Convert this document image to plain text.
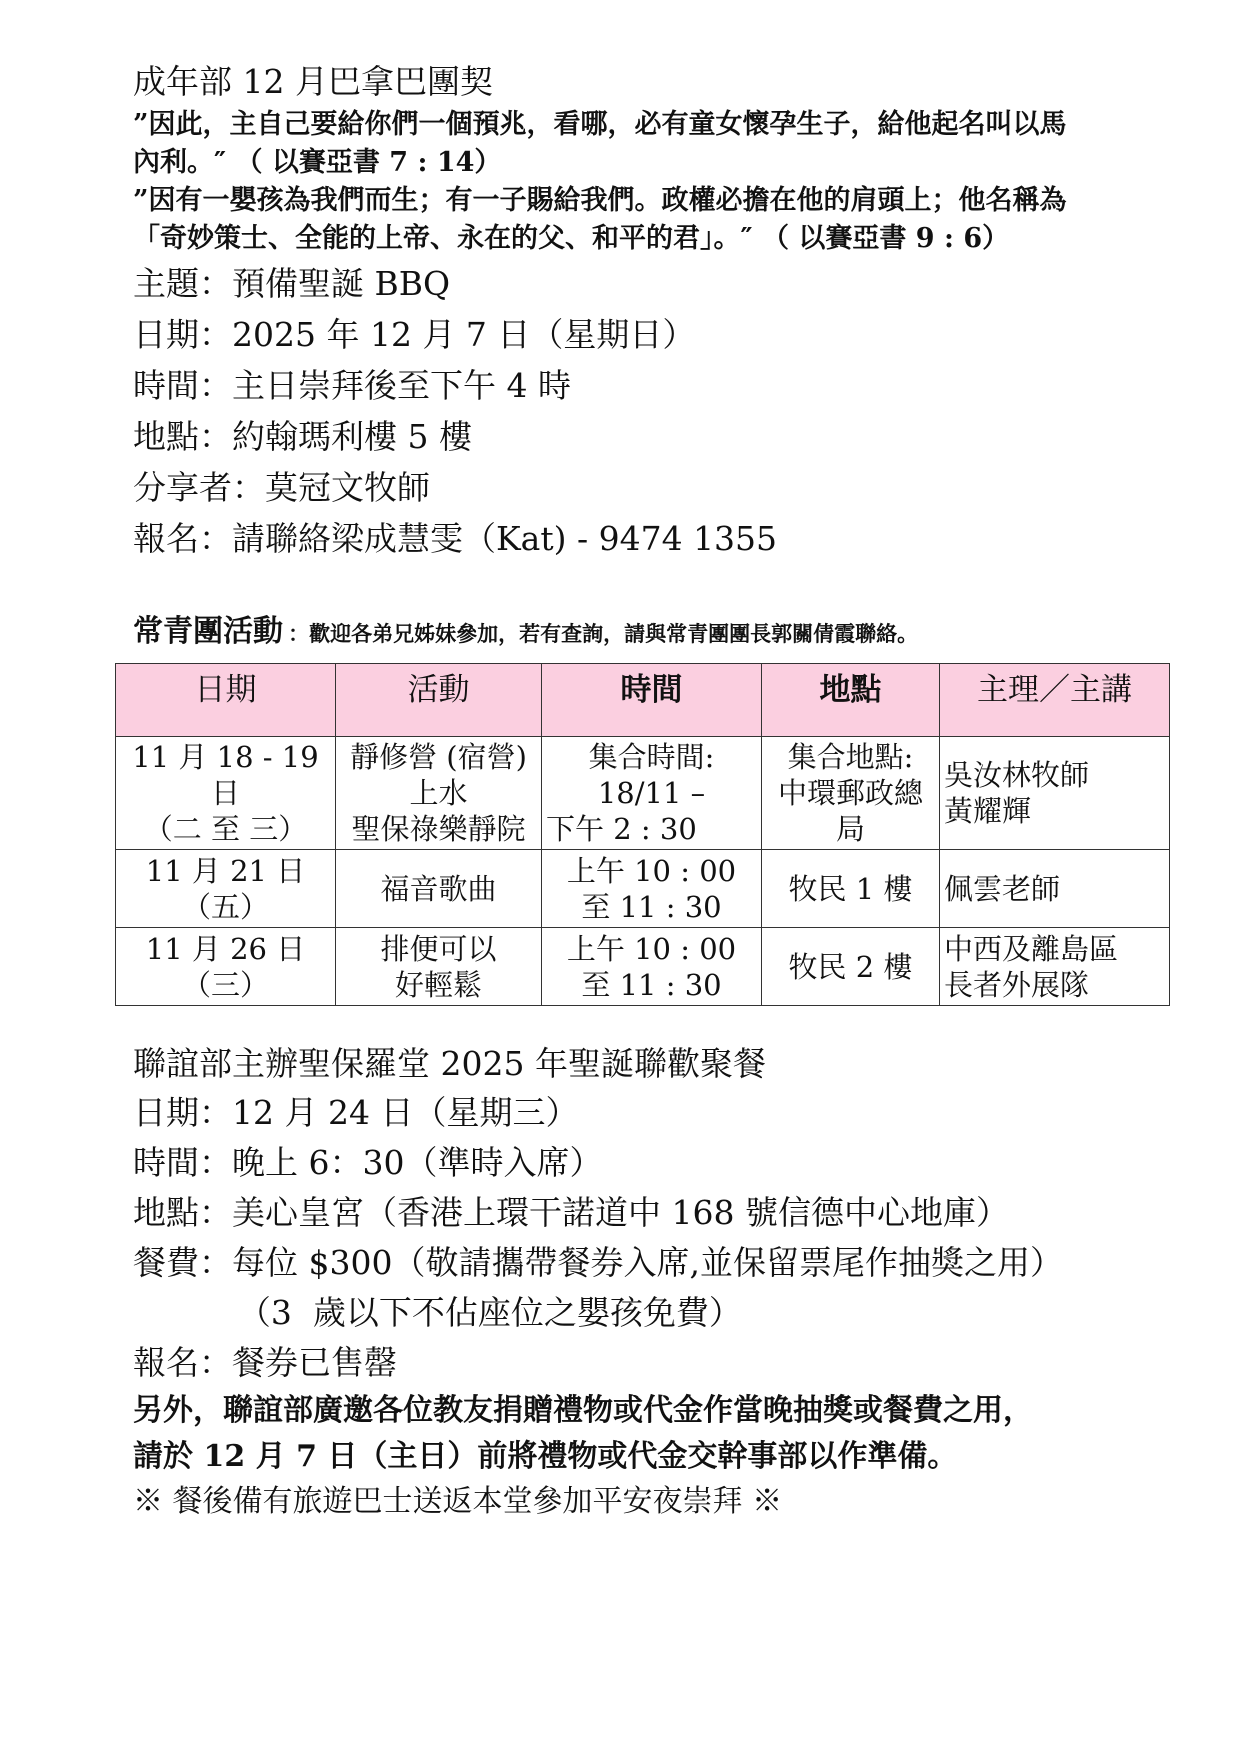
成年部 12 月巴拿巴團契

”因此，主自己要給你們一個預兆，看哪，必有童女懷孕生子，給他起名叫以馬

內利。″ （ 以賽亞書 7 : 14）

”因有一嬰孩為我們而生；有一子賜給我們。政權必擔在他的肩頭上；他名稱為

「奇妙策士、全能的上帝、永在的父、和平的君」。″ （ 以賽亞書 9 : 6）

主題：預備聖誕 BBQ

日期：2025 年 12 月 7 日（星期日）

時間：主日崇拜後至下午 4 時

地點：約翰瑪利樓 5 樓

分享者：莫冠文牧師

報名：請聯絡梁成慧雯（Kat) - 9474 1355

常青團活動 ：歡迎各弟兄姊妹參加，若有查詢，請與常青團團長郭關倩霞聯絡。
日期	活動	時間	地點	主理／主講

11 月 18 - 19 日
（二 至 三）	靜修營 (宿營)
上水
聖保祿樂靜院	集合時間:
18/11 –
下午 2 : 30	集合地點:
中環郵政總
局	吳汝林牧師
黃耀輝

11 月 21 日
（五）	福音歌曲	上午 10 : 00
至 11 : 30	牧民 1 樓	佩雲老師

11 月 26 日
（三）	排便可以
好輕鬆	上午 10 : 00
至 11 : 30	牧民 2 樓	中西及離島區
長者外展隊

聯誼部主辦聖保羅堂 2025 年聖誕聯歡聚餐

日期：12 月 24 日（星期三）

時間：晚上 6：30（準時入席）

地點：美心皇宮（香港上環干諾道中 168 號信德中心地庫）

餐費：每位 $300（敬請攜帶餐券入席,並保留票尾作抽獎之用）

（3  歲以下不佔座位之嬰孩免費）

報名：餐券已售罄

另外，聯誼部廣邀各位教友捐贈禮物或代金作當晚抽獎或餐費之用，

請於 12 月 7 日（主日）前將禮物或代金交幹事部以作準備。

※ 餐後備有旅遊巴士送返本堂參加平安夜崇拜 ※
